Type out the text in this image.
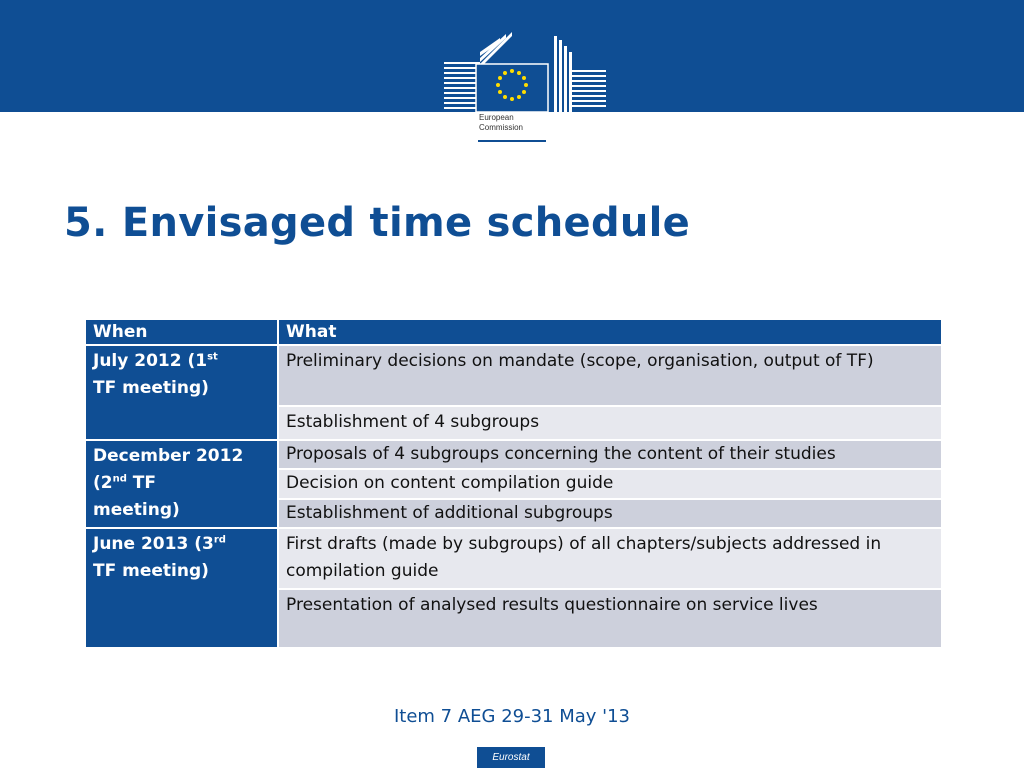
European
Commission
5. Envisaged time schedule
When	What
July 2012 (1st
TF meeting)	Preliminary decisions on mandate (scope, organisation, output of TF)
	Establishment of 4 subgroups
December 2012
(2nd TF
meeting)	Proposals of 4 subgroups concerning the content of their studies
	Decision on content compilation guide
	Establishment of additional subgroups
June 2013 (3rd
TF meeting)	First drafts (made by subgroups) of all chapters/subjects addressed in compilation guide
	Presentation of analysed results questionnaire on service lives
Item 7 AEG 29-31 May '13
Eurostat
